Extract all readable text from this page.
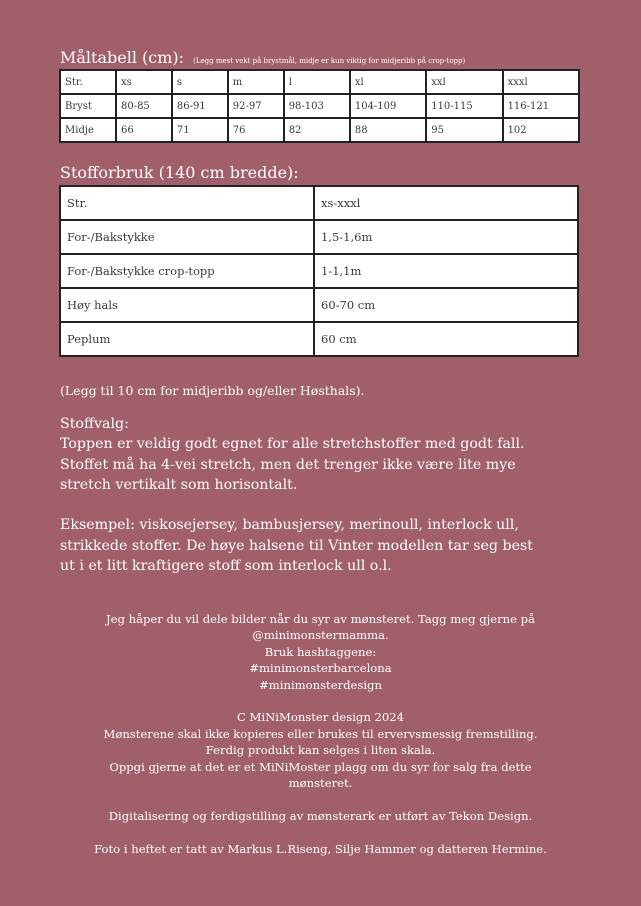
Måltabell (cm): (Legg mest vekt på brystmål, midje er kun viktig for midjeribb på crop-topp)
Str.	xs	s	m	l	xl	xxl	xxxl
Bryst	80-85	86-91	92-97	98-103	104-109	110-115	116-121
Midje	66	71	76	82	88	95	102
Stofforbruk (140 cm bredde):
Str.	xs-xxxl
For-/Bakstykke	1,5-1,6m
For-/Bakstykke crop-topp	1-1,1m
Høy hals	60-70 cm
Peplum	60 cm
(Legg til 10 cm for midjeribb og/eller Høsthals).

Stoffvalg:

Toppen er veldig godt egnet for alle stretchstoffer med godt fall.

Stoffet må ha 4-vei stretch, men det trenger ikke være lite mye

stretch vertikalt som horisontalt.

Eksempel: viskosejersey, bambusjersey, merinoull, interlock ull,

strikkede stoffer. De høye halsene til Vinter modellen tar seg best

ut i et litt kraftigere stoff som interlock ull o.l.

Jeg håper du vil dele bilder når du syr av mønsteret. Tagg meg gjerne på

@minimonstermamma.

Bruk hashtaggene:

#minimonsterbarcelona

#minimonsterdesign

C MiNiMonster design 2024

Mønsterene skal ikke kopieres eller brukes til ervervsmessig fremstilling.

Ferdig produkt kan selges i liten skala.

Oppgi gjerne at det er et MiNiMoster plagg om du syr for salg fra dette

mønsteret.

Digitalisering og ferdigstilling av mønsterark er utført av Tekon Design.

Foto i heftet er tatt av Markus L.Riseng, Silje Hammer og datteren Hermine.
